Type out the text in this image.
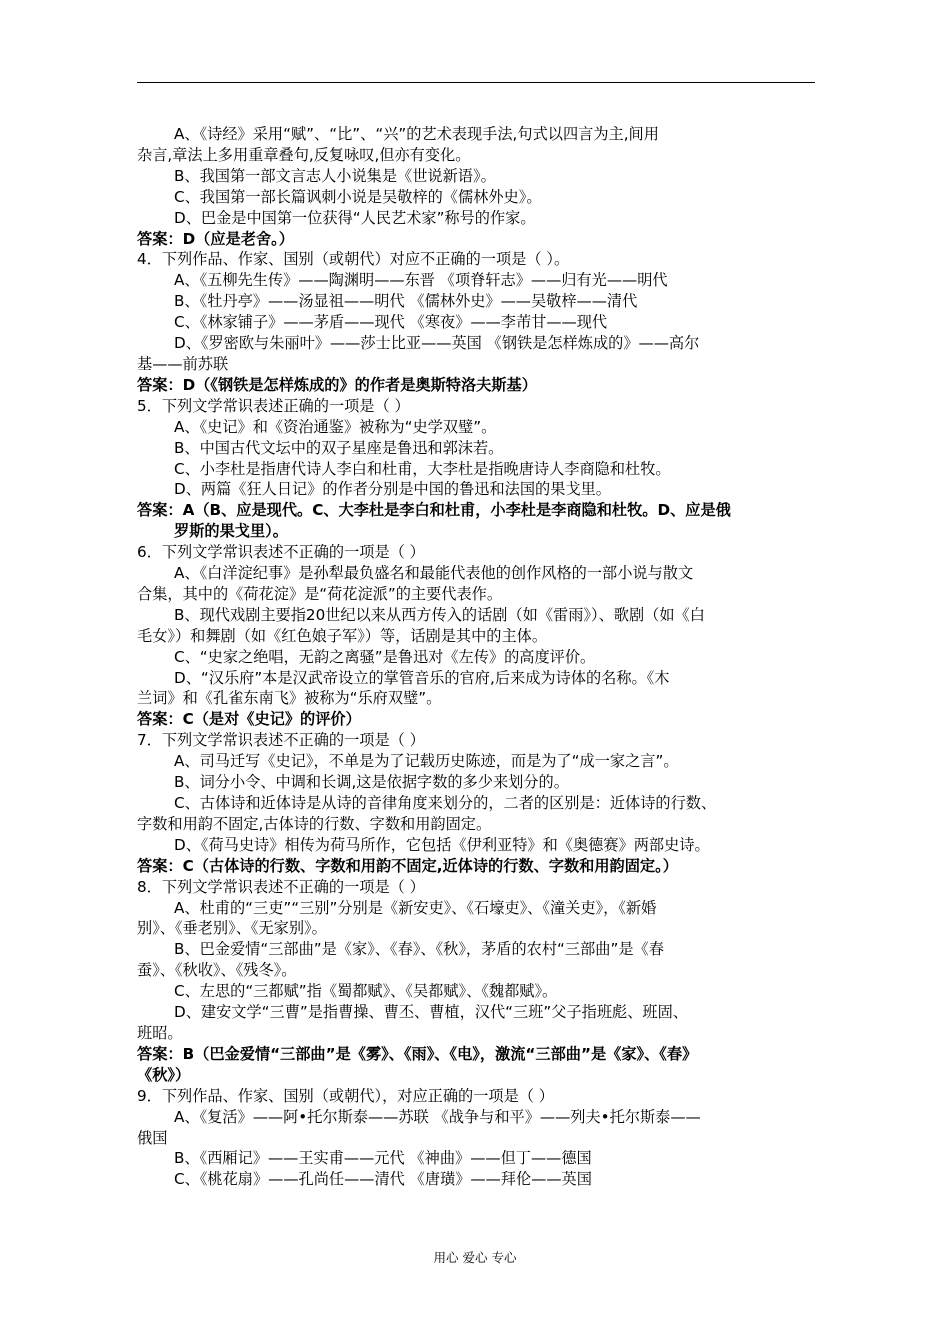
A、《诗经》采用“赋”、“比”、“兴”的艺术表现手法,句式以四言为主,间用
杂言,章法上多用重章叠句,反复咏叹,但亦有变化。
B、我国第一部文言志人小说集是《世说新语》。
C、我国第一部长篇讽刺小说是吴敬梓的《儒林外史》。
D、巴金是中国第一位获得“人民艺术家”称号的作家。
答案：D（应是老舍。）
4．下列作品、作家、国别（或朝代）对应不正确的一项是（ ）。
A、《五柳先生传》——陶渊明——东晋 《项脊轩志》——归有光——明代
B、《牡丹亭》——汤显祖——明代 《儒林外史》——吴敬梓——清代
C、《林家铺子》——茅盾——现代 《寒夜》——李芾甘——现代
D、《罗密欧与朱丽叶》——莎士比亚——英国 《钢铁是怎样炼成的》——高尔
基——前苏联
答案：D（《钢铁是怎样炼成的》的作者是奥斯特洛夫斯基）
5．下列文学常识表述正确的一项是（ ）
A、《史记》和《资治通鉴》被称为“史学双璧”。
B、中国古代文坛中的双子星座是鲁迅和郭沫若。
C、小李杜是指唐代诗人李白和杜甫，大李杜是指晚唐诗人李商隐和杜牧。
D、两篇《狂人日记》的作者分别是中国的鲁迅和法国的果戈里。
答案：A（B、应是现代。C、大李杜是李白和杜甫，小李杜是李商隐和杜牧。D、应是俄
罗斯的果戈里）。
6．下列文学常识表述不正确的一项是（ ）
A、《白洋淀纪事》是孙犁最负盛名和最能代表他的创作风格的一部小说与散文
合集，其中的《荷花淀》是“荷花淀派”的主要代表作。
B、现代戏剧主要指20世纪以来从西方传入的话剧（如《雷雨》）、歌剧（如《白
毛女》）和舞剧（如《红色娘子军》）等，话剧是其中的主体。
C、“史家之绝唱，无韵之离骚”是鲁迅对《左传》的高度评价。
D、“汉乐府”本是汉武帝设立的掌管音乐的官府,后来成为诗体的名称。《木
兰词》和《孔雀东南飞》被称为“乐府双璧”。
答案：C（是对《史记》的评价）
7．下列文学常识表述不正确的一项是（ ）
A、司马迁写《史记》，不单是为了记载历史陈迹，而是为了“成一家之言”。
B、词分小令、中调和长调,这是依据字数的多少来划分的。
C、古体诗和近体诗是从诗的音律角度来划分的，二者的区别是：近体诗的行数、
字数和用韵不固定,古体诗的行数、字数和用韵固定。
D、《荷马史诗》相传为荷马所作，它包括《伊利亚特》和《奥德赛》两部史诗。
答案：C（古体诗的行数、字数和用韵不固定,近体诗的行数、字数和用韵固定。）
8．下列文学常识表述不正确的一项是（ ）
A、杜甫的“三吏”“三别”分别是《新安吏》、《石壕吏》、《潼关吏》，《新婚
别》、《垂老别》、《无家别》。
B、巴金爱情“三部曲”是《家》、《春》、《秋》，茅盾的农村“三部曲”是《春
蚕》、《秋收》、《残冬》。
C、左思的“三都赋”指《蜀都赋》、《吴都赋》、《魏都赋》。
D、建安文学“三曹”是指曹操、曹丕、曹植，汉代“三班”父子指班彪、班固、
班昭。
答案：B（巴金爱情“三部曲”是《雾》、《雨》、《电》，激流“三部曲”是《家》、《春》
《秋》）
9．下列作品、作家、国别（或朝代），对应正确的一项是（ ）
A、《复活》——阿•托尔斯泰——苏联 《战争与和平》——列夫•托尔斯泰——
俄国
B、《西厢记》——王实甫——元代 《神曲》——但丁——德国
C、《桃花扇》——孔尚任——清代 《唐璜》——拜伦——英国
用心 爱心 专心
